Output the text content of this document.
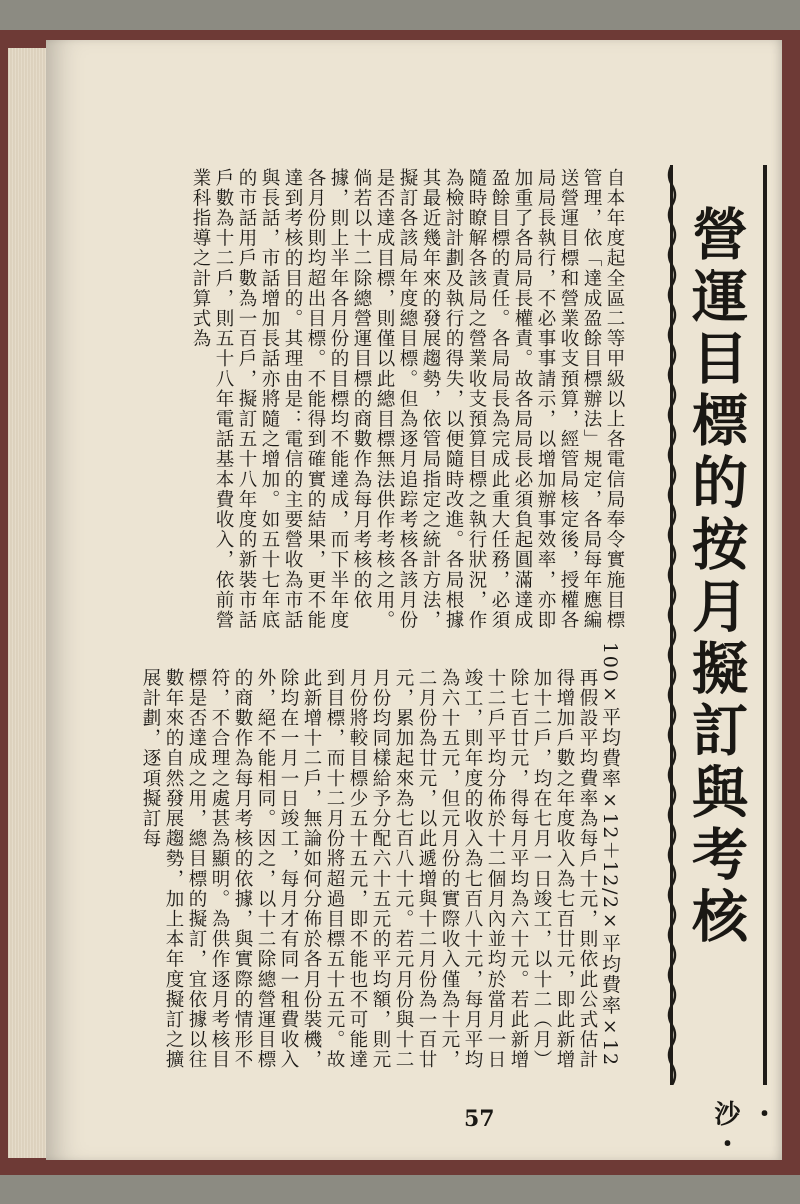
營運目標的按月擬訂與考核
・沙・
自本年度起全區二等甲級以上各電信局奉令實施目標管理，依「達成盈餘目標辦法」規定，各局每年應編送營運目標和營業收支預算，經管局核定後，授權各局局長執行，不必事事請示，以增加辦事效率，亦即加重了各局局長權責。故各局局長必須負起圓滿達成盈餘目標的責任。各局局長為完成此重大任務，必須隨時瞭解各該局之營業收支預算目標之執行狀況，作為檢討計劃及執行的得失，以便隨時改進。各局根據其最近幾年來的發展趨勢，依管局指定之統計方法，擬訂各該局年度總目標。但為逐月追踪考核各該月份是否達成目標，則僅以此總目標無法供作考核之用。倘若以十二除總營運目標的商數作為每月考核的依據，則上半年各月份的目標均不能達成，而下半年度各月份則均超出目標。不能得到確實的結果，更不能達到考核的目的。其理由是：電信的主要營收為市話與長話，市話增加長話亦將隨之增加。如五十七年底的市話用戶數為一百戶，擬訂五十八年度的新裝市話戶數為十二戶，則五十八年電話基本費收入，依前營業科指導之計算式為
100×平均費率×12＋12/2×平均費率×12
再假設平均費率為每戶十元，則依此公式估計得增加戶數之年度收入為七百廿元，即此新增加十二戶，均在七月一日竣工，以十二（月）除七百廿元，得每月平均為六十元。若此新增十二戶平均分佈於十二個月內並均於當月一日竣工，則年度的收入為七百八十元，每月平均為六十五元，但元月份的實際收入僅為十元，二月份為廿元，以此遞增與十二月份為一百廿元，累加起來為七百八十元。若元月份與十二月份均同樣給予分配六十五元的平均額，則元月份將較目標少五十五元，即不能也不可能達到目標，而十二月份將超過目標五十五元。故此新增十二戶，無論如何分佈於各月份裝機，除均在一月一日竣工，每月才有同一租費收入外，絕不能相同。因之，以十二除總營運目標的商數作為每月考核的依據，與實際的情形不符，不合理之處甚為顯明。為供作逐月考核目標是否達成之用，總目標的擬訂，宜依據以往數年來的自然發展趨勢，加上本年度擬訂之擴展計劃，逐項擬訂每
57
